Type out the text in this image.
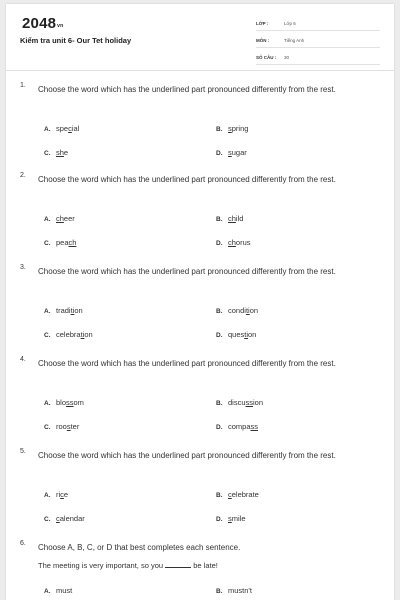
$2048_{vn}$
Kiểm tra unit 6- Our Tet holiday
LỚP :	Lớp 6
MÔN :	Tiếng Anh
SỐ CÂU :	30
1. Choose the word which has the underlined part pronounced differently from the rest.
A. special	B. spring
C. she	D. sugar
2. Choose the word which has the underlined part pronounced differently from the rest.
A. cheer	B. child
C. peach	D. chorus
3. Choose the word which has the underlined part pronounced differently from the rest.
A. tradition	B. condition
C. celebration	D. question
4. Choose the word which has the underlined part pronounced differently from the rest.
A. blossom	B. discussion
C. rooster	D. compass
5. Choose the word which has the underlined part pronounced differently from the rest.
A. rice	B. celebrate
C. calendar	D. smile
6. Choose A, B, C, or D that best completes each sentence.
The meeting is very important, so you	be late!
A. must	B. mustn't
